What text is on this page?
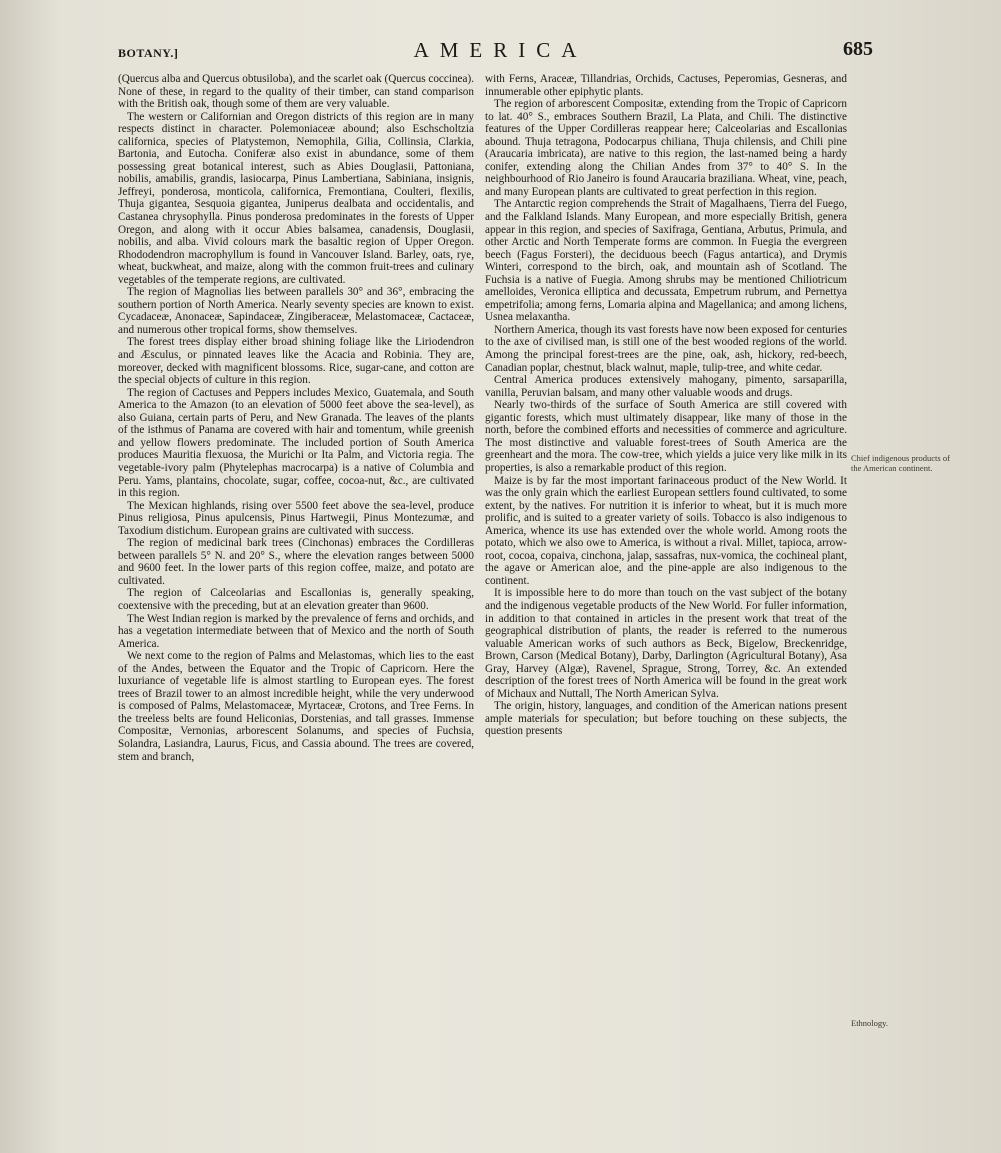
BOTANY.]	AMERICA	685

(Quercus alba and Quercus obtusiloba), and the scarlet oak (Quercus coccinea). None of these, in regard to the quality of their timber, can stand comparison with the British oak, though some of them are very valuable.

The western or Californian and Oregon districts of this region are in many respects distinct in character. Polemoniaceæ abound; also Eschscholtzia californica, species of Platystemon, Nemophila, Gilia, Collinsia, Clarkia, Bartonia, and Eutocha. Coniferæ also exist in abundance, some of them possessing great botanical interest, such as Abies Douglasii, Pattoniana, nobilis, amabilis, grandis, lasiocarpa, Pinus Lambertiana, Sabiniana, insignis, Jeffreyi, ponderosa, monticola, californica, Fremontiana, Coulteri, flexilis, Thuja gigantea, Sesquoia gigantea, Juniperus dealbata and occidentalis, and Castanea chrysophylla. Pinus ponderosa predominates in the forests of Upper Oregon, and along with it occur Abies balsamea, canadensis, Douglasii, nobilis, and alba. Vivid colours mark the basaltic region of Upper Oregon. Rhododendron macrophyllum is found in Vancouver Island. Barley, oats, rye, wheat, buckwheat, and maize, along with the common fruit-trees and culinary vegetables of the temperate regions, are cultivated.

The region of Magnolias lies between parallels 30° and 36°, embracing the southern portion of North America. Nearly seventy species are known to exist. Cycadaceæ, Anonaceæ, Sapindaceæ, Zingiberaceæ, Melastomaceæ, Cactaceæ, and numerous other tropical forms, show themselves.

The forest trees display either broad shining foliage like the Liriodendron and Æsculus, or pinnated leaves like the Acacia and Robinia. They are, moreover, decked with magnificent blossoms. Rice, sugar-cane, and cotton are the special objects of culture in this region.

The region of Cactuses and Peppers includes Mexico, Guatemala, and South America to the Amazon (to an elevation of 5000 feet above the sea-level), as also Guiana, certain parts of Peru, and New Granada. The leaves of the plants of the isthmus of Panama are covered with hair and tomentum, while greenish and yellow flowers predominate. The included portion of South America produces Mauritia flexuosa, the Murichi or Ita Palm, and Victoria regia. The vegetable-ivory palm (Phytelephas macrocarpa) is a native of Columbia and Peru. Yams, plantains, chocolate, sugar, coffee, cocoa-nut, &c., are cultivated in this region.

The Mexican highlands, rising over 5500 feet above the sea-level, produce Pinus religiosa, Pinus apulcensis, Pinus Hartwegii, Pinus Montezumæ, and Taxodium distichum. European grains are cultivated with success.

The region of medicinal bark trees (Cinchonas) embraces the Cordilleras between parallels 5° N. and 20° S., where the elevation ranges between 5000 and 9600 feet. In the lower parts of this region coffee, maize, and potato are cultivated.

The region of Calceolarias and Escallonias is, generally speaking, coextensive with the preceding, but at an elevation greater than 9600.

The West Indian region is marked by the prevalence of ferns and orchids, and has a vegetation intermediate between that of Mexico and the north of South America.

We next come to the region of Palms and Melastomas, which lies to the east of the Andes, between the Equator and the Tropic of Capricorn. Here the luxuriance of vegetable life is almost startling to European eyes. The forest trees of Brazil tower to an almost incredible height, while the very underwood is composed of Palms, Melastomaceæ, Myrtaceæ, Crotons, and Tree Ferns. In the treeless belts are found Heliconias, Dorstenias, and tall grasses. Immense Compositæ, Vernonias, arborescent Solanums, and species of Fuchsia, Solandra, Lasiandra, Laurus, Ficus, and Cassia abound. The trees are covered, stem and branch,

with Ferns, Araceæ, Tillandrias, Orchids, Cactuses, Peperomias, Gesneras, and innumerable other epiphytic plants.

The region of arborescent Compositæ, extending from the Tropic of Capricorn to lat. 40° S., embraces Southern Brazil, La Plata, and Chili. The distinctive features of the Upper Cordilleras reappear here; Calceolarias and Escallonias abound. Thuja tetragona, Podocarpus chiliana, Thuja chilensis, and Chili pine (Araucaria imbricata), are native to this region, the last-named being a hardy conifer, extending along the Chilian Andes from 37° to 40° S. In the neighbourhood of Rio Janeiro is found Araucaria braziliana. Wheat, vine, peach, and many European plants are cultivated to great perfection in this region.

The Antarctic region comprehends the Strait of Magalhaens, Tierra del Fuego, and the Falkland Islands. Many European, and more especially British, genera appear in this region, and species of Saxifraga, Gentiana, Arbutus, Primula, and other Arctic and North Temperate forms are common. In Fuegia the evergreen beech (Fagus Forsteri), the deciduous beech (Fagus antartica), and Drymis Winteri, correspond to the birch, oak, and mountain ash of Scotland. The Fuchsia is a native of Fuegia. Among shrubs may be mentioned Chiliotricum amelloides, Veronica elliptica and decussata, Empetrum rubrum, and Pernettya empetrifolia; among ferns, Lomaria alpina and Magellanica; and among lichens, Usnea melaxantha.

Northern America, though its vast forests have now been exposed for centuries to the axe of civilised man, is still one of the best wooded regions of the world. Among the principal forest-trees are the pine, oak, ash, hickory, red-beech, Canadian poplar, chestnut, black walnut, maple, tulip-tree, and white cedar.

Central America produces extensively mahogany, pimento, sarsaparilla, vanilla, Peruvian balsam, and many other valuable woods and drugs.

Nearly two-thirds of the surface of South America are still covered with gigantic forests, which must ultimately disappear, like many of those in the north, before the combined efforts and necessities of commerce and agriculture. The most distinctive and valuable forest-trees of South America are the greenheart and the mora. The cow-tree, which yields a juice very like milk in its properties, is also a remarkable product of this region.

Maize is by far the most important farinaceous product of the New World. It was the only grain which the earliest European settlers found cultivated, to some extent, by the natives. For nutrition it is inferior to wheat, but it is much more prolific, and is suited to a greater variety of soils. Tobacco is also indigenous to America, whence its use has extended over the whole world. Among roots the potato, which we also owe to America, is without a rival. Millet, tapioca, arrow-root, cocoa, copaiva, cinchona, jalap, sassafras, nux-vomica, the cochineal plant, the agave or American aloe, and the pine-apple are also indigenous to the continent.

It is impossible here to do more than touch on the vast subject of the botany and the indigenous vegetable products of the New World. For fuller information, in addition to that contained in articles in the present work that treat of the geographical distribution of plants, the reader is referred to the numerous valuable American works of such authors as Beck, Bigelow, Breckenridge, Brown, Carson (Medical Botany), Darby, Darlington (Agricultural Botany), Asa Gray, Harvey (Algæ), Ravenel, Sprague, Strong, Torrey, &c. An extended description of the forest trees of North America will be found in the great work of Michaux and Nuttall, The North American Sylva.

The origin, history, languages, and condition of the American nations present ample materials for speculation; but before touching on these subjects, the question presents

Chief indigenous products of the American continent.
Ethnology.
